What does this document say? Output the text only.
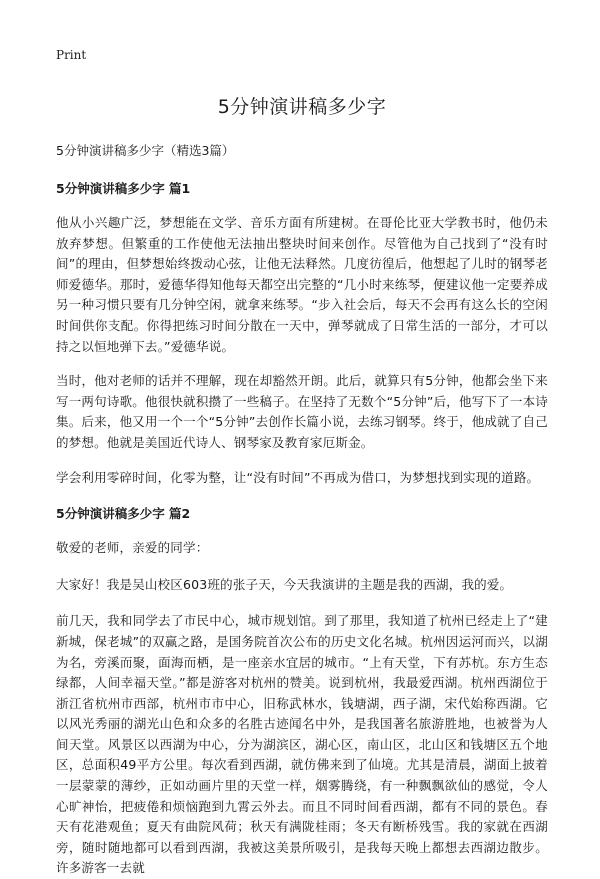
Print
5分钟演讲稿多少字
5分钟演讲稿多少字（精选3篇）
5分钟演讲稿多少字 篇1

他从小兴趣广泛，梦想能在文学、音乐方面有所建树。在哥伦比亚大学教书时，他仍未放弃梦想。但繁重的工作使他无法抽出整块时间来创作。尽管他为自己找到了“没有时间”的理由，但梦想始终拨动心弦，让他无法释然。几度彷徨后，他想起了儿时的钢琴老师爱德华。那时，爱德华得知他每天都空出完整的“几小时来练琴，便建议他一定要养成另一种习惯只要有几分钟空闲，就拿来练琴。“步入社会后，每天不会再有这么长的空闲时间供你支配。你得把练习时间分散在一天中，弹琴就成了日常生活的一部分，才可以持之以恒地弹下去。”爱德华说。

当时，他对老师的话并不理解，现在却豁然开朗。此后，就算只有5分钟，他都会坐下来写一两句诗歌。他很快就积攒了一些稿子。在坚持了无数个“5分钟”后，他写下了一本诗集。后来，他又用一个一个“5分钟”去创作长篇小说，去练习钢琴。终于，他成就了自己的梦想。他就是美国近代诗人、钢琴家及教育家厄斯金。

学会利用零碎时间，化零为整，让“没有时间”不再成为借口，为梦想找到实现的道路。

5分钟演讲稿多少字 篇2

敬爱的老师，亲爱的同学：

大家好！我是吴山校区603班的张子天，今天我演讲的主题是我的西湖，我的爱。

前几天，我和同学去了市民中心，城市规划馆。到了那里，我知道了杭州已经走上了“建新城，保老城”的双赢之路，是国务院首次公布的历史文化名城。杭州因运河而兴，以湖为名，旁溪而聚，面海而栖，是一座亲水宜居的城市。“上有天堂，下有苏杭。东方生态绿都，人间幸福天堂。”都是游客对杭州的赞美。说到杭州，我最爱西湖。杭州西湖位于浙江省杭州市西部，杭州市市中心，旧称武林水，钱塘湖，西子湖，宋代始称西湖。它以风光秀丽的湖光山色和众多的名胜古迹闻名中外，是我国著名旅游胜地，也被誉为人间天堂。风景区以西湖为中心，分为湖滨区，湖心区，南山区，北山区和钱塘区五个地区，总面积49平方公里。每次看到西湖，就仿佛来到了仙境。尤其是清晨，湖面上披着一层蒙蒙的薄纱，正如动画片里的天堂一样，烟雾腾绕，有一种飘飘欲仙的感觉，令人心旷神怡，把疲倦和烦恼跑到九霄云外去。而且不同时间看西湖，都有不同的景色。春天有花港观鱼；夏天有曲院风荷；秋天有满陇桂雨；冬天有断桥残雪。我的家就在西湖旁，随时随地都可以看到西湖，我被这美景所吸引，是我每天晚上都想去西湖边散步。许多游客一去就
